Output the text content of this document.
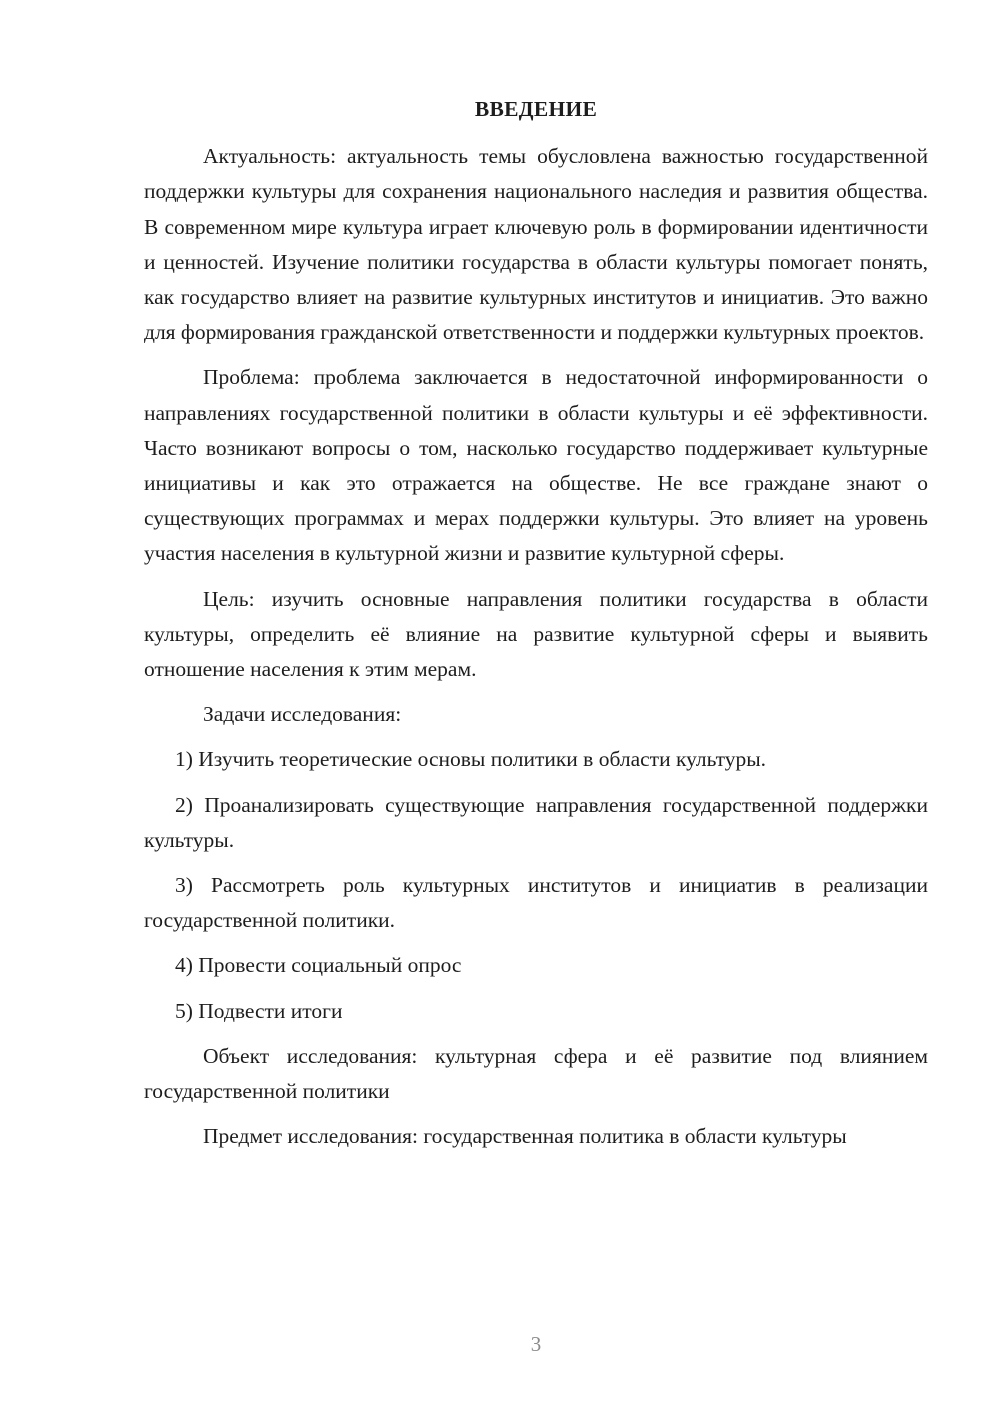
ВВЕДЕНИЕ
Актуальность: актуальность темы обусловлена важностью государственной поддержки культуры для сохранения национального наследия и развития общества. В современном мире культура играет ключевую роль в формировании идентичности и ценностей. Изучение политики государства в области культуры помогает понять, как государство влияет на развитие культурных институтов и инициатив. Это важно для формирования гражданской ответственности и поддержки культурных проектов.
Проблема: проблема заключается в недостаточной информированности о направлениях государственной политики в области культуры и её эффективности. Часто возникают вопросы о том, насколько государство поддерживает культурные инициативы и как это отражается на обществе. Не все граждане знают о существующих программах и мерах поддержки культуры. Это влияет на уровень участия населения в культурной жизни и развитие культурной сферы.
Цель: изучить основные направления политики государства в области культуры, определить её влияние на развитие культурной сферы и выявить отношение населения к этим мерам.
Задачи исследования:
1) Изучить теоретические основы политики в области культуры.
2) Проанализировать существующие направления государственной поддержки культуры.
3) Рассмотреть роль культурных институтов и инициатив в реализации государственной политики.
4) Провести социальный опрос
5) Подвести итоги
Объект исследования: культурная сфера и её развитие под влиянием государственной политики
Предмет исследования: государственная политика в области культуры
3
